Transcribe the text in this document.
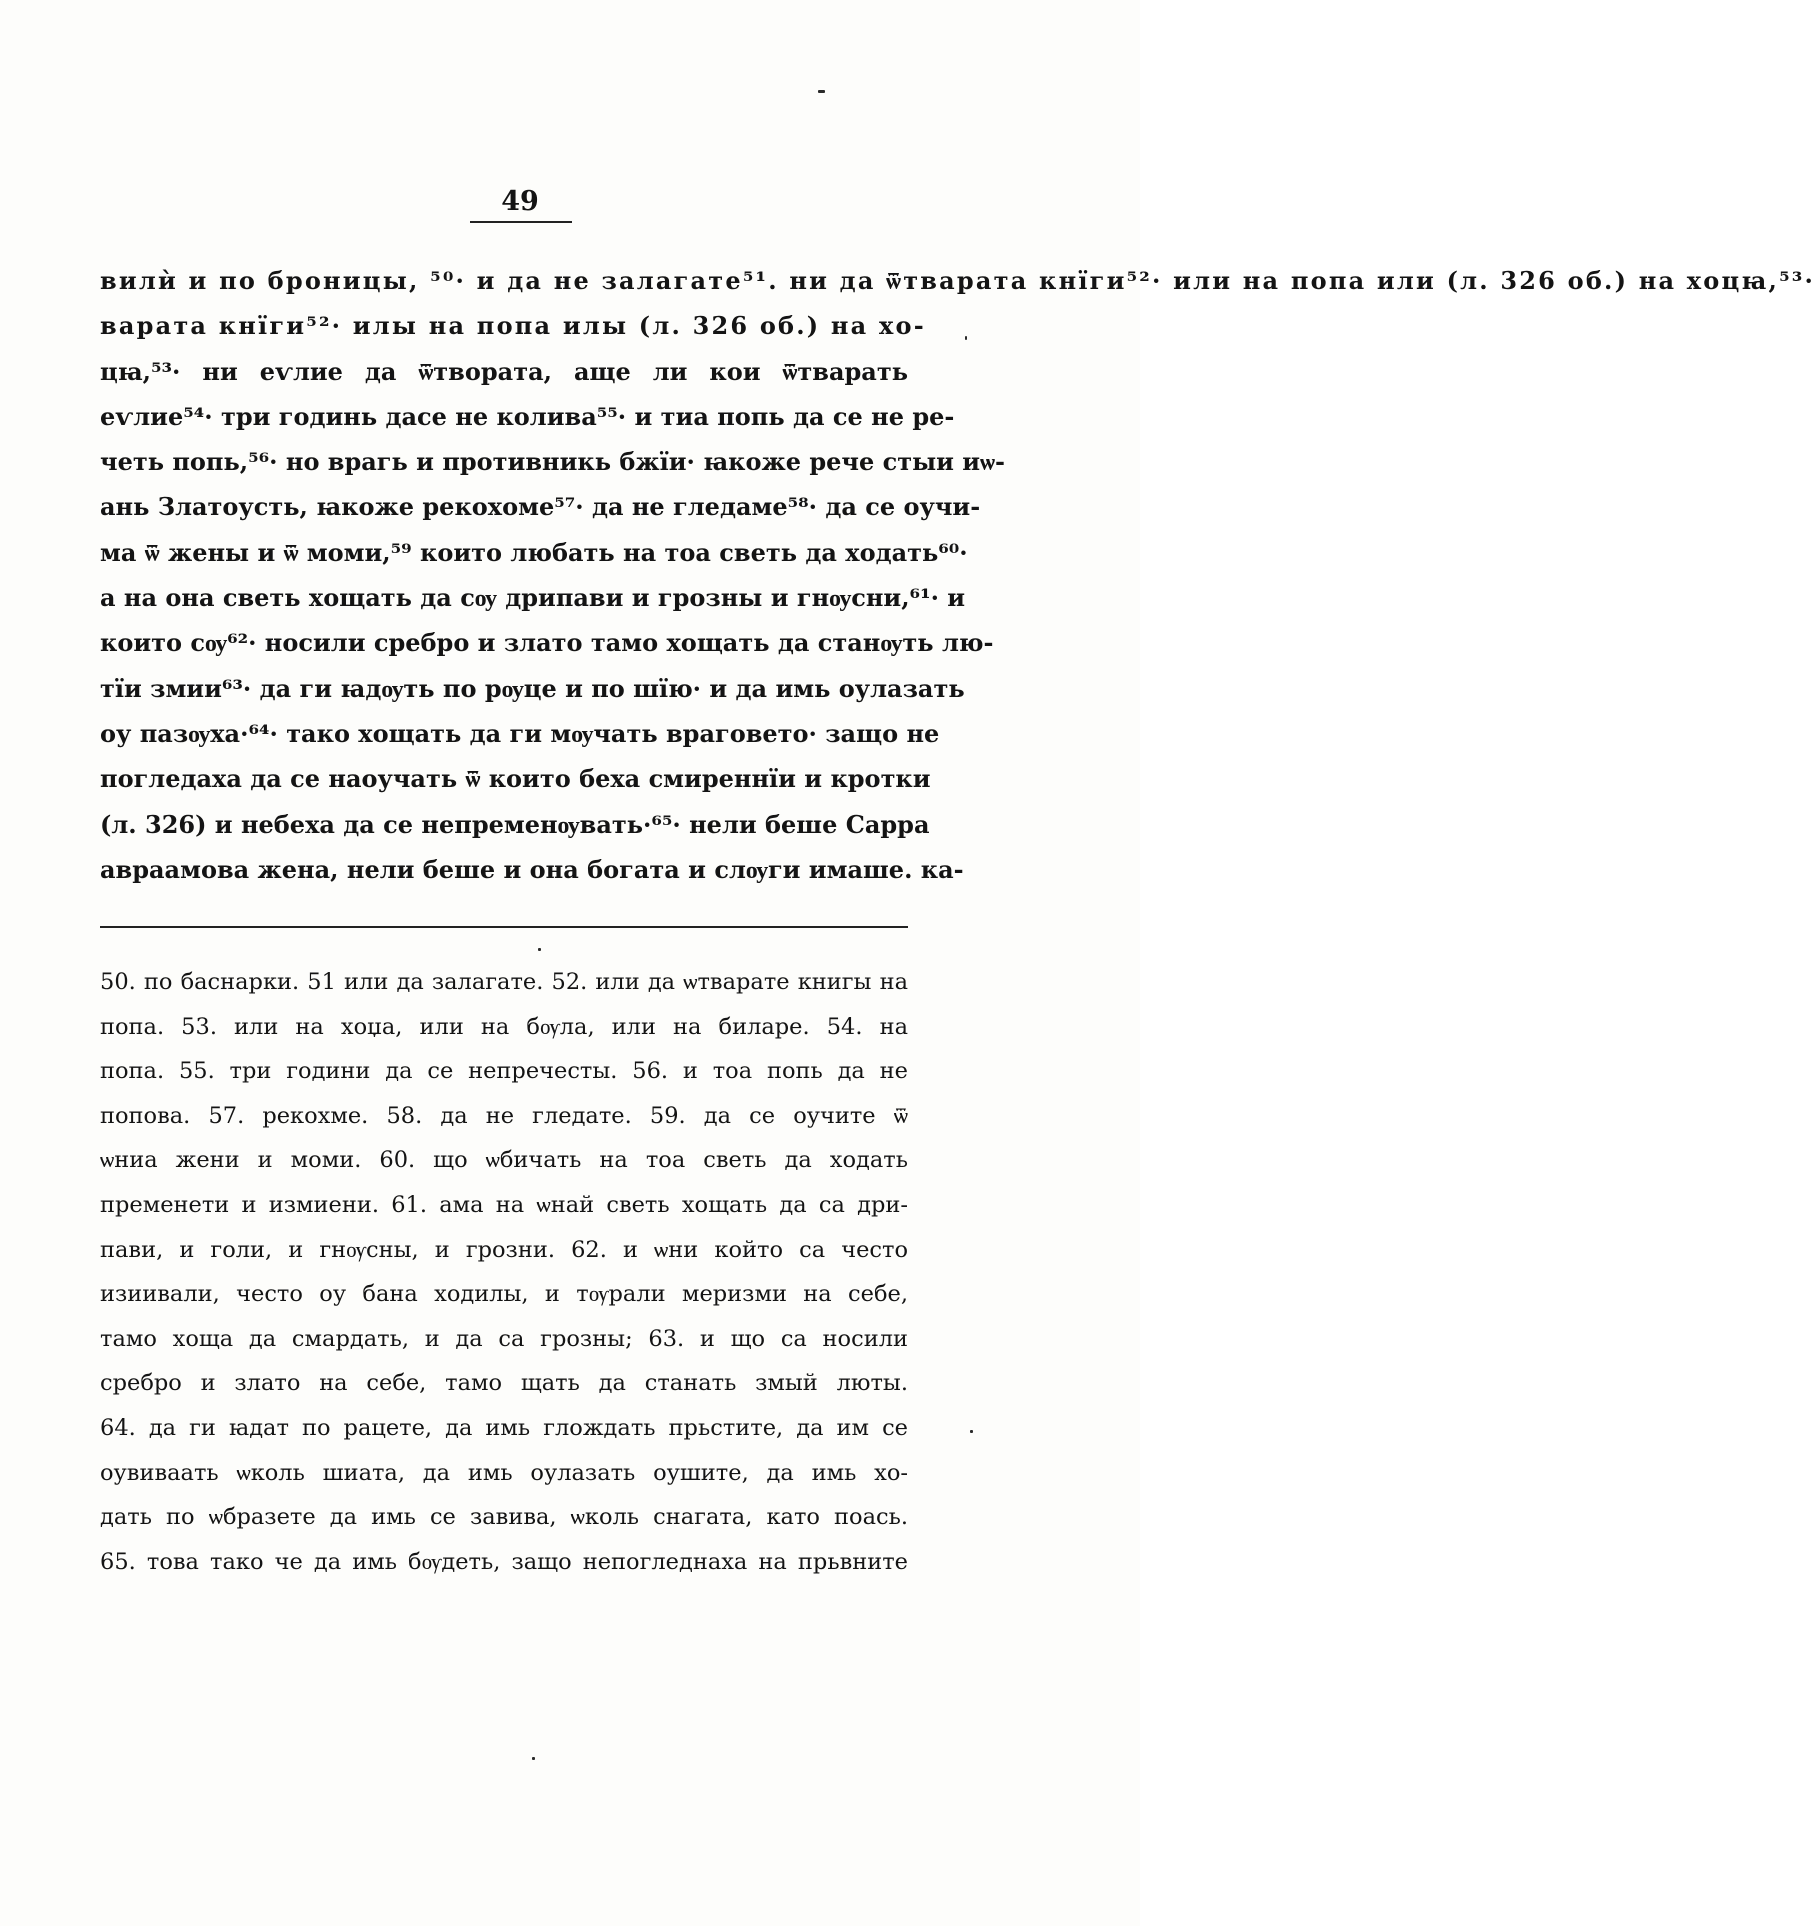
49
вилѝ и по броницы, ⁵⁰· и да не залагате⁵¹. ни да ѿтварата кнїги⁵²· или на попа или (л. 326 об.) на хоцꙗ,⁵³·
варата кнїги⁵²· илы на попа илы (л. 326 об.) на хо-
цꙗ,⁵³· ни еѵлие да ѿтвората, аще ли кои ѿтварать
еѵлие⁵⁴· три годинь дасе не колива⁵⁵· и тиа попь да се не ре-
четь попь,⁵⁶· но врагь и противникь бжїи· ꙗкоже рече стыи иѡ-
ань Златоусть, ꙗкоже рекохоме⁵⁷· да не гледаме⁵⁸· да се оучи-
ма ѿ жены и ѿ моми,⁵⁹ които любать на тоа светь да ходать⁶⁰·
а на она светь хощать да сѹ дрипави и грозны и гнѹсни,⁶¹· и
които сѹ⁶²· носили сребро и злато тамо хощать да станѹть лю-
тїи змии⁶³· да ги ꙗдѹть по рѹце и по шїю· и да имь оулазать
оу пазѹха·⁶⁴· тако хощать да ги мѹчать врагoвето· защо не
поглeдаха да се наоучать ѿ които беха смиреннїи и кротки
(л. 326) и небеха да се непременѹвать·⁶⁵· нели беше Сарра
авраамова жена, нели беше и она богата и слѹги имаше. ка-
50. по баснарки. 51 или да залагате. 52. или да ѡтварате книгы на
попа. 53. или на хоџа, или на бѹла, или на билаpe. 54. на
попа. 55. три години да се непречесты. 56. и тоа попь да не
попова. 57. рекохме. 58. да не гледате. 59. да се оучите ѿ
ѡниа жени и моми. 60. що ѡбичать на тоа светь да ходать
пременети и измиени. 61. ама на ѡнай светь хощать да са дри-
пави, и голи, и гнѹсны, и грозни. 62. и ѡни който са често
изиивали, често оу бана ходилы, и тѹрали меризми на себе,
тамо хоща да смардать, и да са грозны; 63. и що са носили
сребро и злато на себе, тамо щать да станать змый люты.
64. да ги ꙗдат по рацете, да имь глождать прьстите, да им се
оувиваать ѡколь шиата, да имь оулазать оушите, да имь хо-
дать по ѡбразете да имь се завива, ѡколь снагата, като поась.
65. това тако че да имь бѹдеть, защо непогледнаха на прьвните
